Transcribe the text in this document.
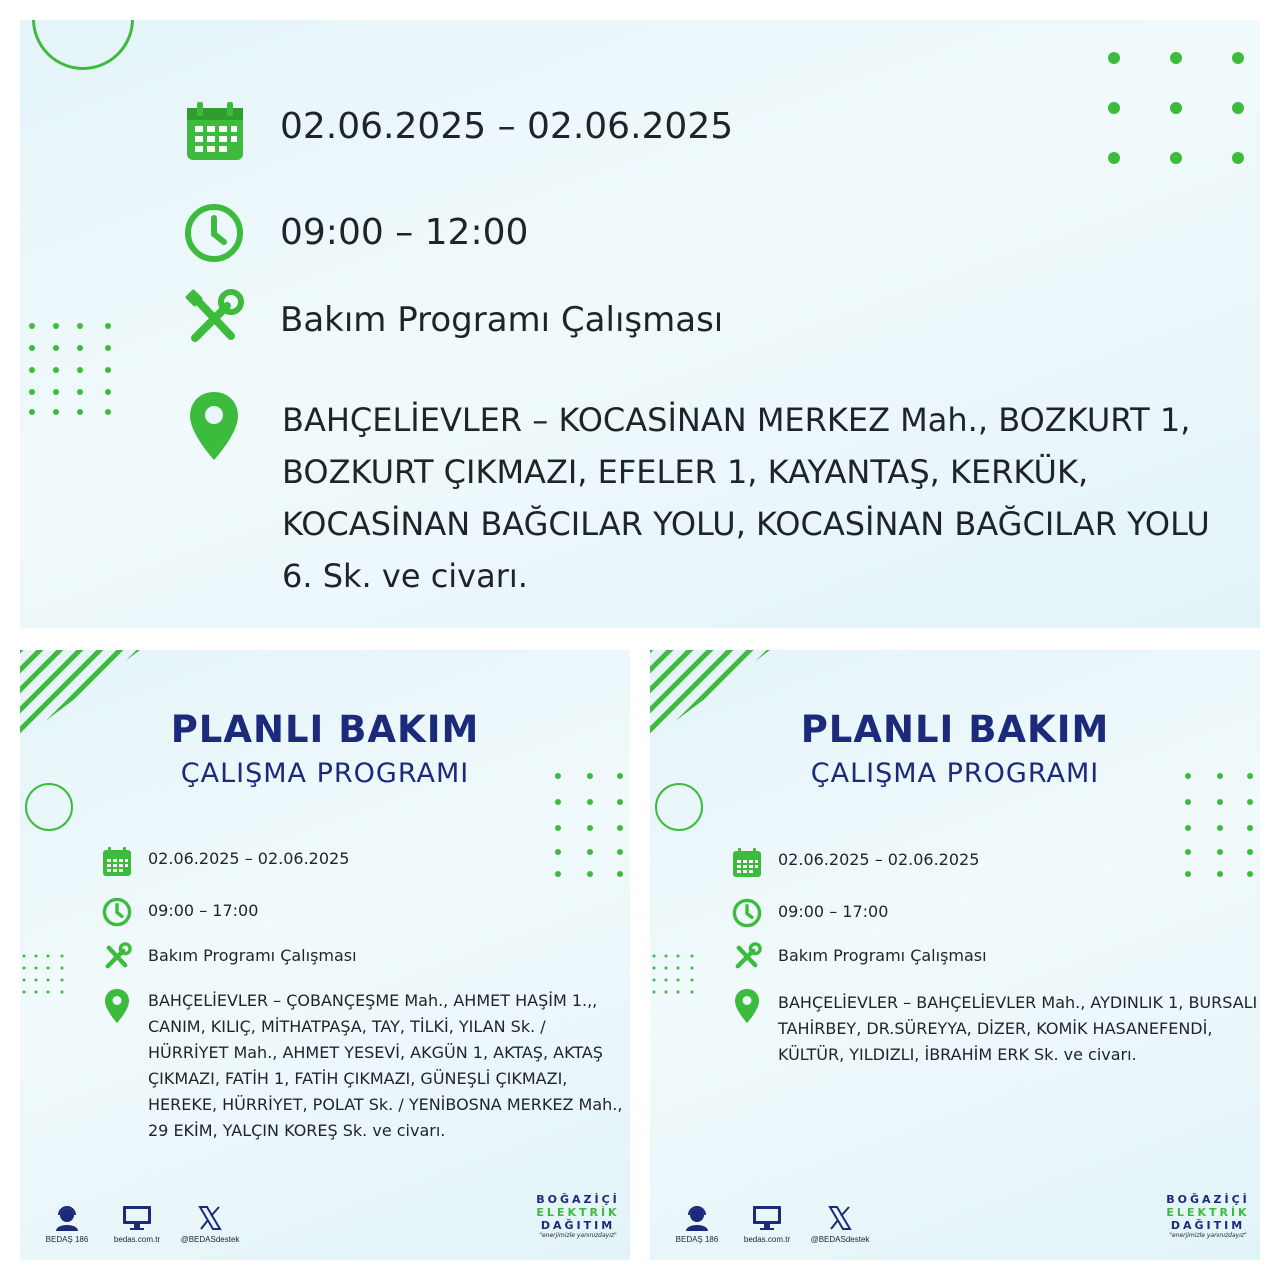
02.06.2025 – 02.06.2025
09:00 – 12:00
Bakım Programı Çalışması
BAHÇELİEVLER – KOCASİNAN MERKEZ Mah., BOZKURT 1, BOZKURT ÇIKMAZI, EFELER 1, KAYANTAŞ, KERKÜK, KOCASİNAN BAĞCILAR YOLU, KOCASİNAN BAĞCILAR YOLU 6. Sk. ve civarı.
PLANLI BAKIM
ÇALIŞMA PROGRAMI
02.06.2025 – 02.06.2025
09:00 – 17:00
Bakım Programı Çalışması
BAHÇELİEVLER – ÇOBANÇEŞME Mah., AHMET HAŞİM 1.,, CANIM, KILIÇ, MİTHATPAŞA, TAY, TİLKİ, YILAN Sk. / HÜRRİYET Mah., AHMET YESEVİ, AKGÜN 1, AKTAŞ, AKTAŞ ÇIKMAZI, FATİH 1, FATİH ÇIKMAZI, GÜNEŞLİ ÇIKMAZI, HEREKE, HÜRRİYET, POLAT Sk. / YENİBOSNA MERKEZ Mah., 29 EKİM, YALÇIN KOREŞ Sk. ve civarı.
BEDAŞ 186	bedas.com.tr	@BEDASdestek
BOĞAZİÇİ
ELEKTRİK
DAĞITIM
"enerjimizle yanınızdayız"
PLANLI BAKIM
ÇALIŞMA PROGRAMI
02.06.2025 – 02.06.2025
09:00 – 17:00
Bakım Programı Çalışması
BAHÇELİEVLER – BAHÇELİEVLER Mah., AYDINLIK 1, BURSALI TAHİRBEY, DR.SÜREYYA, DİZER, KOMİK HASANEFENDİ, KÜLTÜR, YILDIZLI, İBRAHİM ERK Sk. ve civarı.
BEDAŞ 186	bedas.com.tr	@BEDASdestek
BOĞAZİÇİ
ELEKTRİK
DAĞITIM
"enerjimizle yanınızdayız"
